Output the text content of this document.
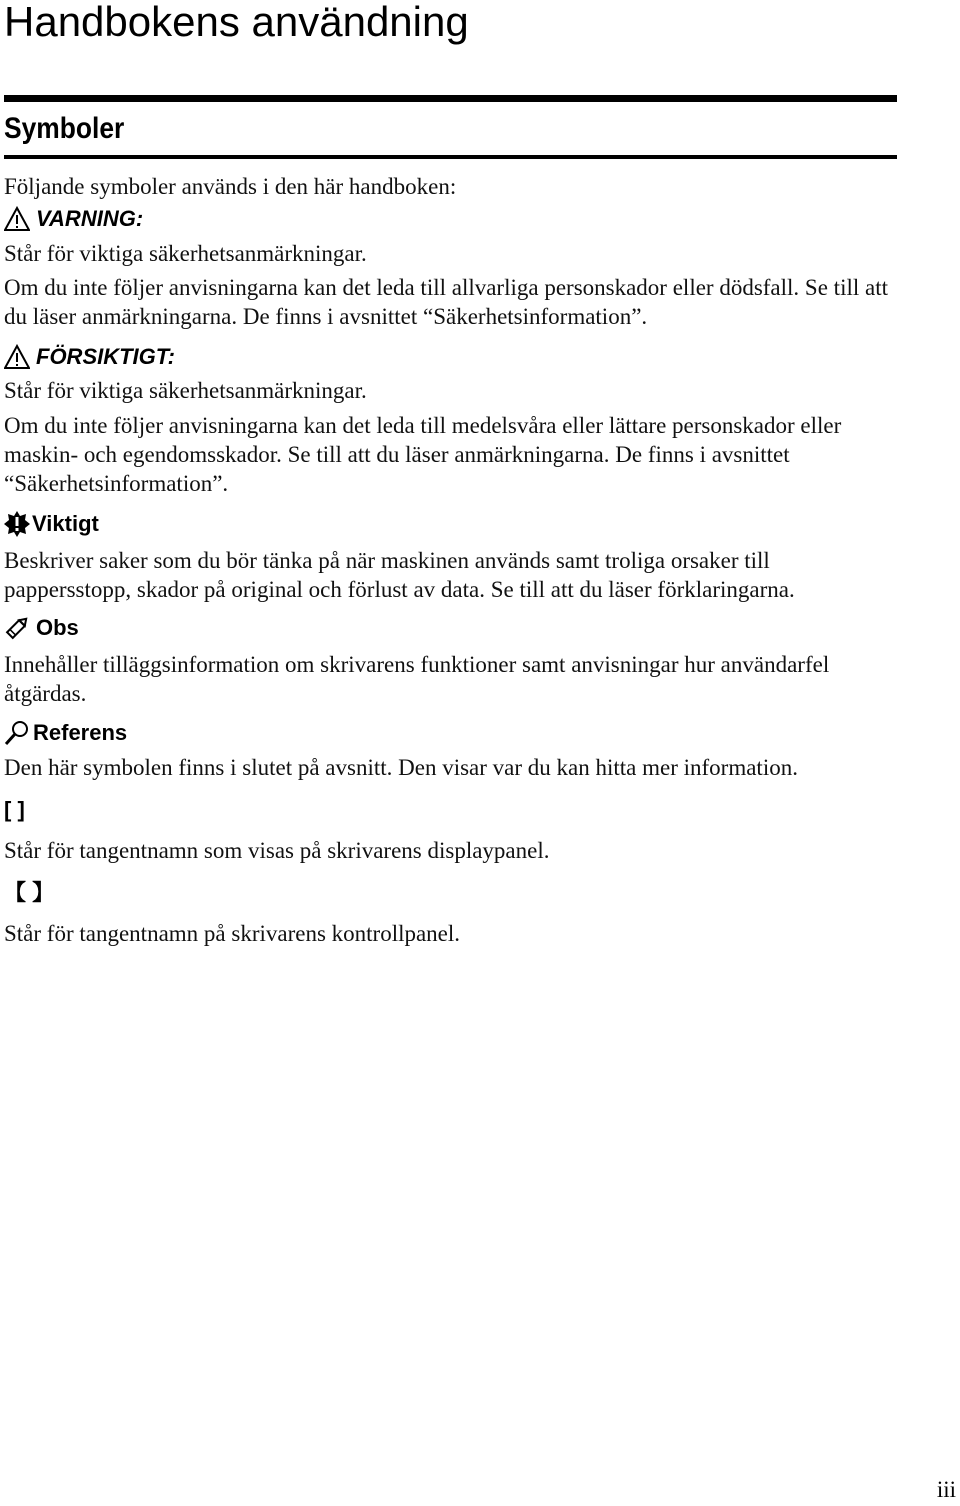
Handbokens användning
Symboler

Följande symboler används i den här handboken:

VARNING:

Står för viktiga säkerhetsanmärkningar.

Om du inte följer anvisningarna kan det leda till allvarliga personskador eller dödsfall. Se till att du läser anmärkningarna. De finns i avsnittet “Säkerhetsinformation”.

FÖRSIKTIGT:

Står för viktiga säkerhetsanmärkningar.

Om du inte följer anvisningarna kan det leda till medelsvåra eller lättare personskador eller maskin- och egendomsskador. Se till att du läser anmärkningarna. De finns i avsnittet “Säkerhetsinformation”.

Viktigt

Beskriver saker som du bör tänka på när maskinen används samt troliga orsaker till pappersstopp, skador på original och förlust av data. Se till att du läser förklaringarna.

Obs

Innehåller tilläggsinformation om skrivarens funktioner samt anvisningar hur användarfel åtgärdas.

Referens

Den här symbolen finns i slutet på avsnitt. Den visar var du kan hitta mer information.

[ ]

Står för tangentnamn som visas på skrivarens displaypanel.

【 】

Står för tangentnamn på skrivarens kontrollpanel.

iii
